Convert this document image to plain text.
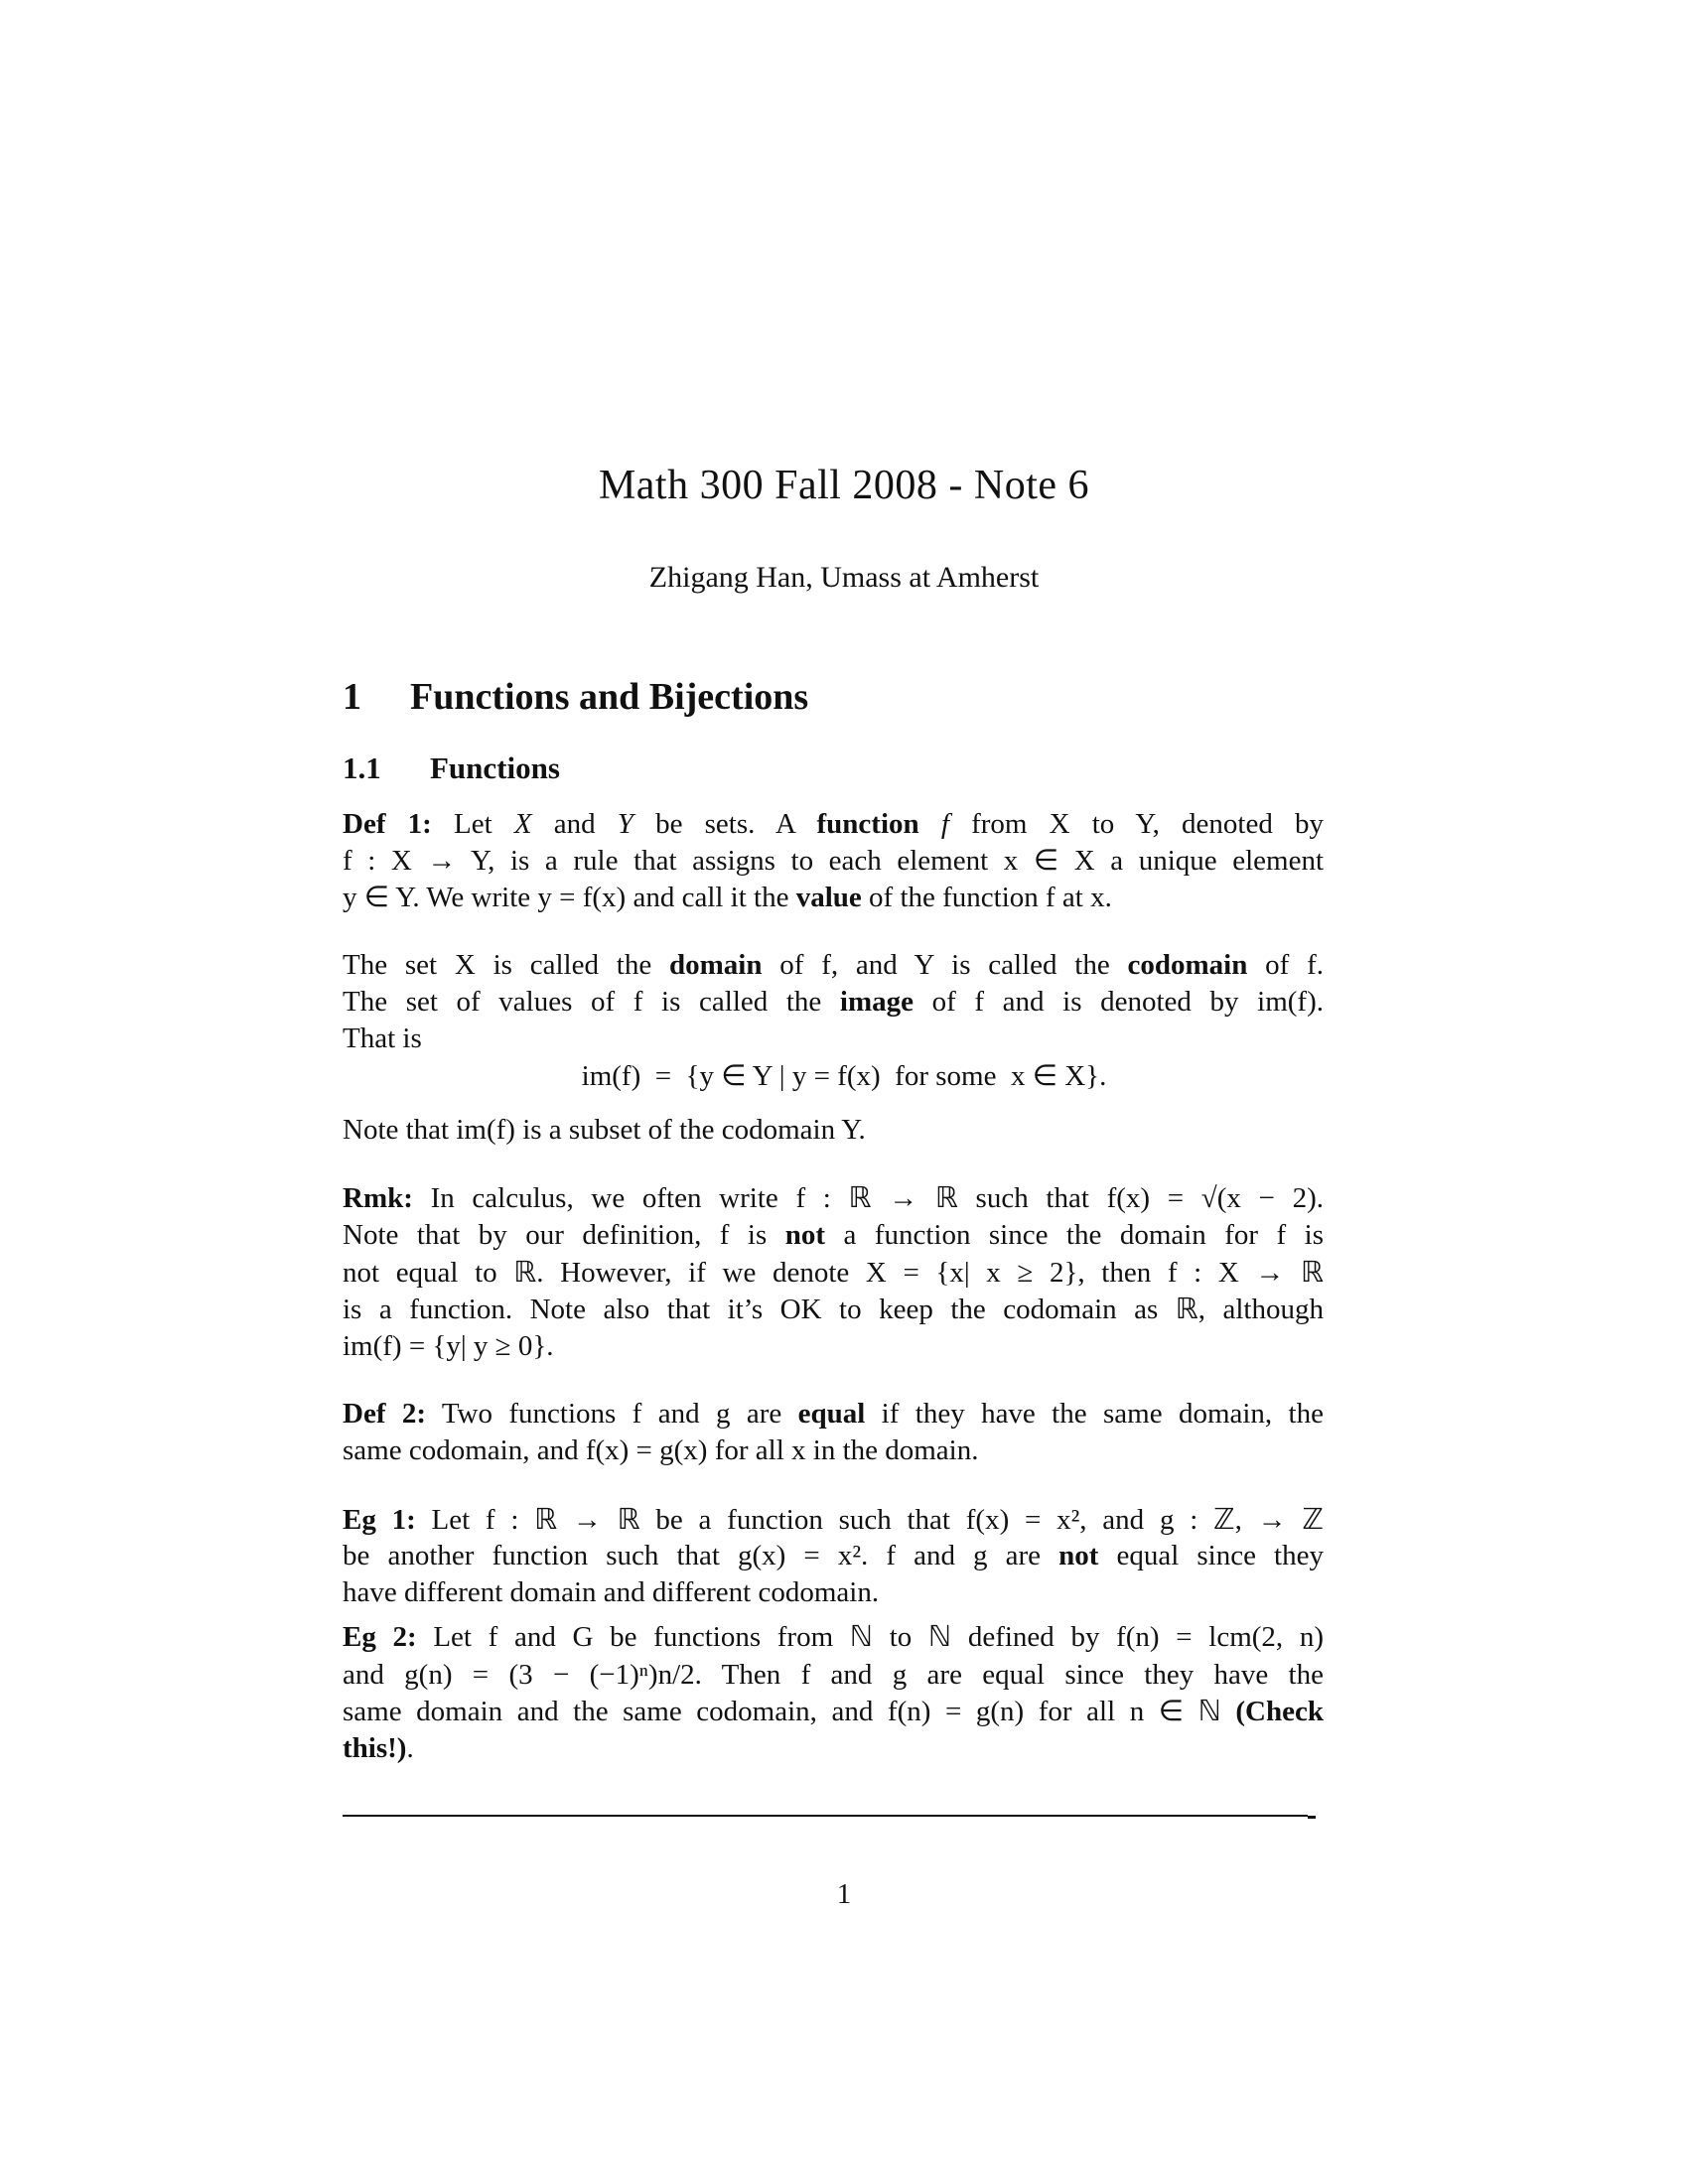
Math 300 Fall 2008 - Note 6
Zhigang Han, Umass at Amherst
1 Functions and Bijections
1.1 Functions
Def 1: Let X and Y be sets. A function f from X to Y, denoted by
f : X → Y, is a rule that assigns to each element x ∈ X a unique element
y ∈ Y. We write y = f(x) and call it the value of the function f at x.
The set X is called the domain of f, and Y is called the codomain of f.
The set of values of f is called the image of f and is denoted by im(f).
That is
im(f)  =  {y ∈ Y | y = f(x)  for some  x ∈ X}.
Note that im(f) is a subset of the codomain Y.
Rmk: In calculus, we often write f : ℝ → ℝ such that f(x) = √(x − 2).
Note that by our definition, f is not a function since the domain for f is
not equal to ℝ. However, if we denote X = {x| x ≥ 2}, then f : X → ℝ
is a function. Note also that it’s OK to keep the codomain as ℝ, although
im(f) = {y| y ≥ 0}.
Def 2: Two functions f and g are equal if they have the same domain, the
same codomain, and f(x) = g(x) for all x in the domain.
Eg 1: Let f : ℝ → ℝ be a function such that f(x) = x², and g : ℤ, → ℤ
be another function such that g(x) = x². f and g are not equal since they
have different domain and different codomain.
Eg 2: Let f and G be functions from ℕ to ℕ defined by f(n) = lcm(2, n)
and g(n) = (3 − (−1)ⁿ)n/2. Then f and g are equal since they have the
same domain and the same codomain, and f(n) = g(n) for all n ∈ ℕ (Check
this!).
1
